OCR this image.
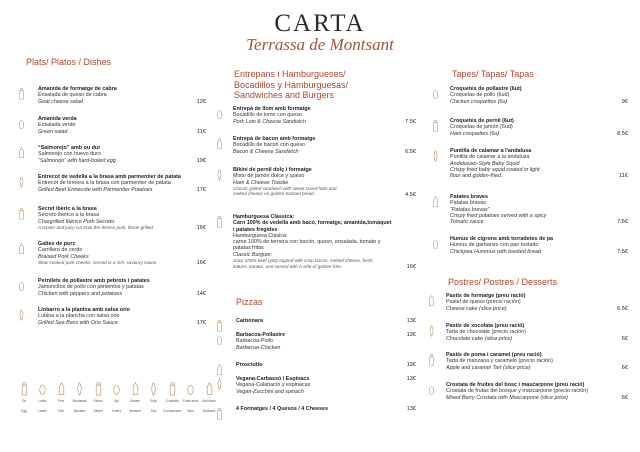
CARTA
Terrassa de Montsant
Plats/ Platos / Dishes
Amanida de formatge de cabra
Ensalada de queso de cabra
Goat cheese salad	12€
Amanida verda
Ensalada verde
Green salad	11€
“Salmorejo” amb ou dur
Salmorejo con huevo duro
“Salmorejo” with hard-boiled egg	10€
Entrecot de vedella a la brasa amb parmentier de patata
Entrecot de ternera a la brasa con parmentier de patata
Grilled Beef Entrecote with Parmentier Potatoes	17€
Secret ibèric a la brasa
Secreto ibérico a la brasa
Chargrilled Ibérico Pork Secreto
A tender and juicy cut from the Ibérico pork, flame-grilled	16€
Galtes de porc
Carrillera de cerdo
Braised Pork Cheeks
Slow-cooked pork cheeks, served in a rich, savoury sauce.	16€
Pernilets de pollastre amb pebrots i patates
Jamoncitos de pollo con pimientos y patatas
Chicken with peppers and potatoes	14€
Llobarro a la plantxa amb salsa orio
Lubina a la plancha con salsa orio
Grilled Sea Bass with Orio Sauce	17€
Ou
Egg
Lactis
Lactis
Peix
Fish
Mostassa
Mustard
Gluten
Gluten
Api
Celery
Sèsam
Sesame
Soja
Soy
Crustacis
Crustaceans
Fruits secs
Nuts
Mol·luscs
Molluscs
Entrepans i Hamburgueses/
Bocadillos y Hamburguesas/
Sandwiches and Burgers
Entrepà de llom amb formatge
Bocadillo de lomo con queso
Pork Loin & Cheese Sandwich	7.5€
Entrepà de bacon amb formatge
Bocadillo de bacon con queso
Bacon & Cheese Sandwich	6.5€
Bikini de pernil dolç i formatge
Mixto de jamón dulce y queso
Ham & Cheese Toastie
Classic grilled sandwich with sweet cured ham and
melted cheese on golden toasted bread.	4.5€
Hamburguesa Clàssica:
Carn 100% de vedella amb bacó, formatge, amanida,tomàquet
i patates fregides
Hamburguesa Clásica:
carne 100% de ternera con bacón, queso, ensalada, tomate y
patatas fritas
Classic Burguer:
Juicy 100% beef patty topped with crisp bacon, melted cheese, fresh
lettuce, tomato, and served with a side of golden fries	16€
Pizzas
Carbonara	13€
Barbacoa-Pollastre
Barbacoa-Pollo
Barbecue-Chicken
13€
Prosciutto	13€
Vegana-Carbassó i Espinacs
Vegana-Calabacín y espinacas
Vegan-Zucchini and spinach
13€
4 Formatges / 4 Quesos / 4 Cheeses	13€
Tapes/ Tapas/ Tapas
Croquetes de pollastre (6ut)
Croquetas de pollo (6ud)
Chicken croquettes (6u)	9€
Croquetes de pernil (6ut)
Croquetas de jamón (6ud)
Ham croquettes (6u)	8.5€
Puntilla de calamar a l'andalusa
Puntilla de calamar a la andaluza
Andalusian-Style Baby Squid
Crispy fried baby squid coated in light
flour and golden-fried.	11€
Patates braves
Patatas bravas
“Patatas bravas”
Crispy fried potatoes served with a spicy
Tomato sauce	7.5€
Humus de cigrons amb torradetes de pa
Humus de garbanzo con pan tostado
Chickpea Hummus with toasted bread	7.5€
Postres/ Postres / Desserts
Pastís de formatge (preu ració)
Pastel de queso (precio ración)
Cheese cake (slice price)	6.5€
Pastís de xocolata (preu ració)
Tarta de chocolate (precio ración)
Chocolate cake (slice price)	6€
Pastís de poma i caramel (preu ració)
Tarta de manzana y caramelo (precio ración)
Apple and caramel Tart (slice price)	6€
Crostata de fruites del bosc i mascarpone (preu ració)
Crostata de frutas del bosque y mascarpone (precio ración)
Mixed Berry Crostata with Mascarpone (slice price)	6€
